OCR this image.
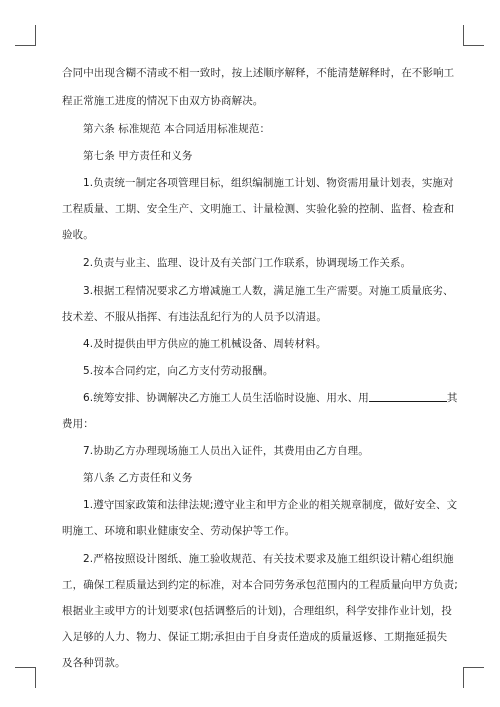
合同中出现含糊不清或不相一致时，按上述顺序解释，不能清楚解释时，在不影响工
程正常施工进度的情况下由双方协商解决。
第六条 标准规范 本合同适用标准规范：
第七条 甲方责任和义务
1.负责统一制定各项管理目标，组织编制施工计划、物资需用量计划表，实施对
工程质量、工期、安全生产、文明施工、计量检测、实验化验的控制、监督、检查和
验收。
2.负责与业主、监理、设计及有关部门工作联系，协调现场工作关系。
3.根据工程情况要求乙方增减施工人数，满足施工生产需要。对施工质量底劣、
技术差、不服从指挥、有违法乱纪行为的人员予以清退。
4.及时提供由甲方供应的施工机械设备、周转材料。
5.按本合同约定，向乙方支付劳动报酬。
6.统筹安排、协调解决乙方施工人员生活临时设施、用水、用	其
费用：
7.协助乙方办理现场施工人员出入证件，其费用由乙方自理。
第八条 乙方责任和义务
1.遵守国家政策和法律法规;遵守业主和甲方企业的相关规章制度，做好安全、文
明施工、环境和职业健康安全、劳动保护等工作。
2.严格按照设计图纸、施工验收规范、有关技术要求及施工组织设计精心组织施
工，确保工程质量达到约定的标准，对本合同劳务承包范围内的工程质量向甲方负责;
根据业主或甲方的计划要求(包括调整后的计划)，合理组织，科学安排作业计划，投
入足够的人力、物力、保证工期;承担由于自身责任造成的质量返修、工期拖延损失
及各种罚款。
